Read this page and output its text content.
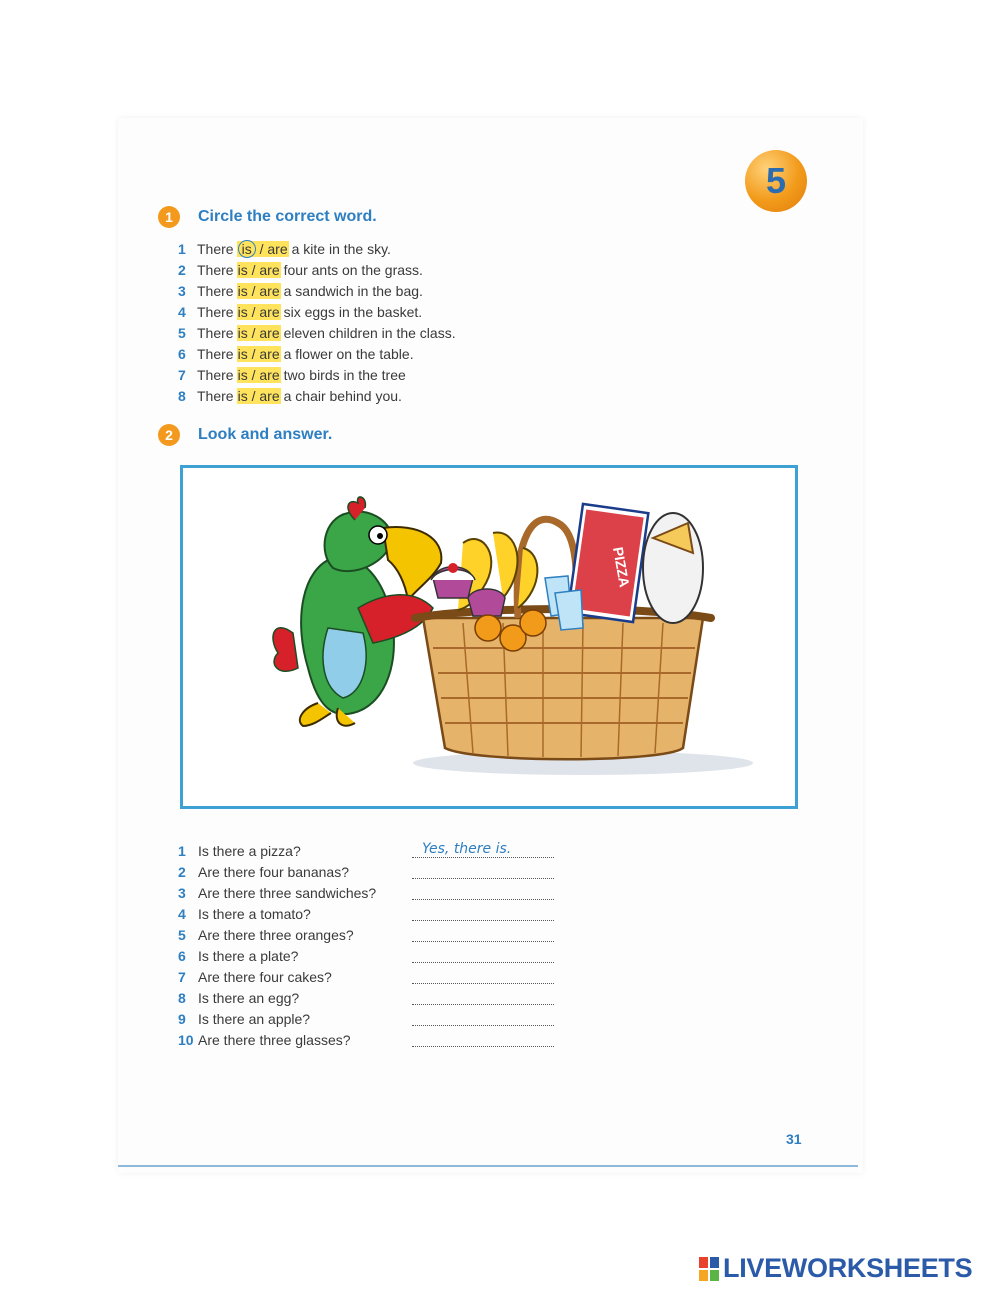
5
1	Circle the correct word.
1 There is / are a kite in the sky.
2 There is / are four ants on the grass.
3 There is / are a sandwich in the bag.
4 There is / are six eggs in the basket.
5 There is / are eleven children in the class.
6 There is / are a flower on the table.
7 There is / are two birds in the tree
8 There is / are a chair behind you.
2	Look and answer.
PIZZA
1 Is there a pizza?	Yes, there is.
2 Are there four bananas?
3 Are there three sandwiches?
4 Is there a tomato?
5 Are there three oranges?
6 Is there a plate?
7 Are there four cakes?
8 Is there an egg?
9 Is there an apple?
10 Are there three glasses?
31
LIVEWORKSHEETS
